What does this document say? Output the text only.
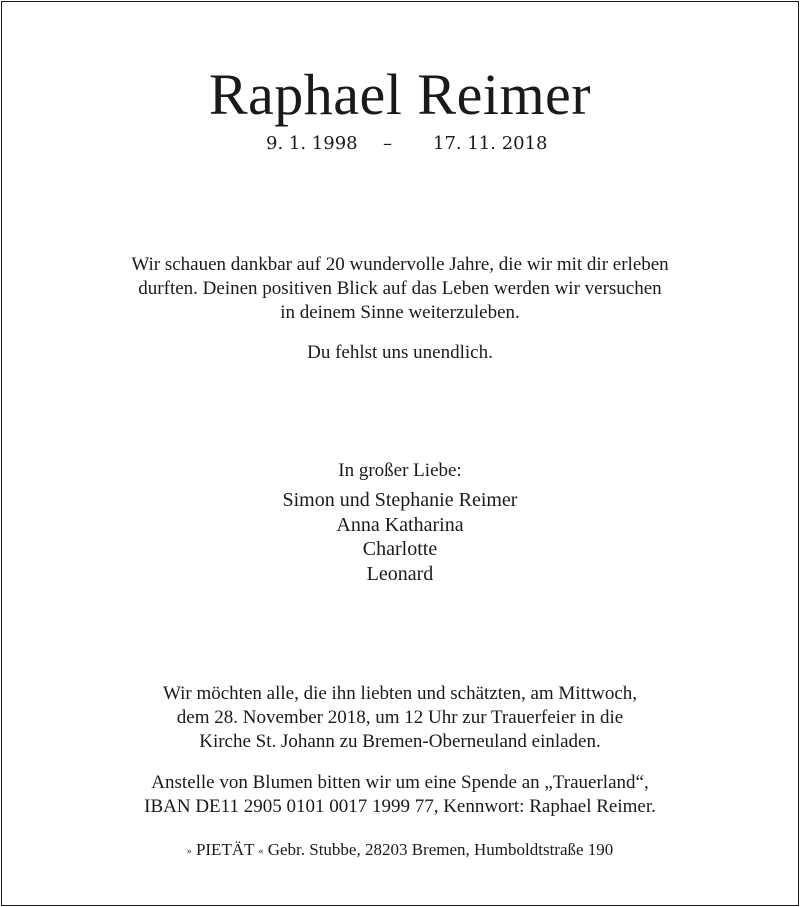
Raphael Reimer
9. 1. 1998 – 17. 11. 2018

Wir schauen dankbar auf 20 wundervolle Jahre, die wir mit dir erleben

durften. Deinen positiven Blick auf das Leben werden wir versuchen

in deinem Sinne weiterzuleben.

Du fehlst uns unendlich.

In großer Liebe:

Simon und Stephanie Reimer

Anna Katharina

Charlotte

Leonard

Wir möchten alle, die ihn liebten und schätzten, am Mittwoch,

dem 28. November 2018, um 12 Uhr zur Trauerfeier in die

Kirche St. Johann zu Bremen-Oberneuland einladen.

Anstelle von Blumen bitten wir um eine Spende an „Trauerland“,

IBAN DE11 2905 0101 0017 1999 77, Kennwort: Raphael Reimer.

» PIETÄT « Gebr. Stubbe, 28203 Bremen, Humboldtstraße 190
